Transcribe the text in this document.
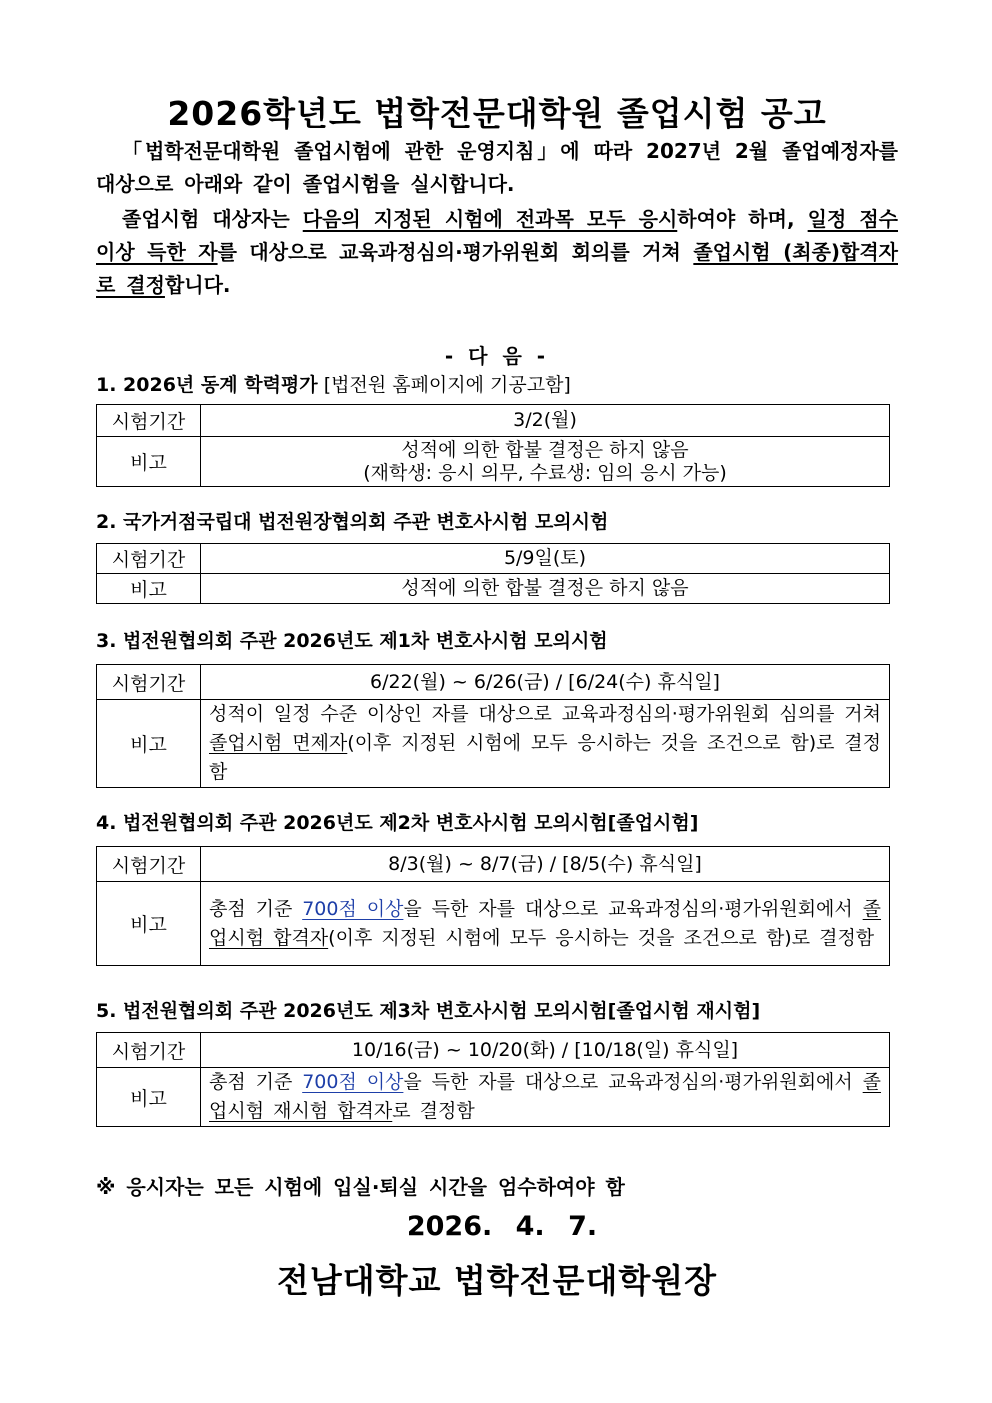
2026학년도 법학전문대학원 졸업시험 공고

「법학전문대학원 졸업시험에 관한 운영지침」에 따라 2027년 2월 졸업예정자를 대상으로 아래와 같이 졸업시험을 실시합니다.

졸업시험 대상자는 다음의 지정된 시험에 전과목 모두 응시하여야 하며, 일정 점수 이상 득한 자를 대상으로 교육과정심의·평가위원회 회의를 거쳐 졸업시험 (최종)합격자로 결정합니다.

- 다 음 -
1. 2026년 동계 학력평가 [법전원 홈페이지에 기공고함]
시험기간	3/2(월)
비고	성적에 의한 합불 결정은 하지 않음
(재학생: 응시 의무, 수료생: 임의 응시 가능)
2. 국가거점국립대 법전원장협의회 주관 변호사시험 모의시험
시험기간	5/9일(토)
비고	성적에 의한 합불 결정은 하지 않음
3. 법전원협의회 주관 2026년도 제1차 변호사시험 모의시험
시험기간	6/22(월) ~ 6/26(금) / [6/24(수) 휴식일]
비고	성적이 일정 수준 이상인 자를 대상으로 교육과정심의·평가위원회 심의를 거쳐 졸업시험 면제자(이후 지정된 시험에 모두 응시하는 것을 조건으로 함)로 결정함
4. 법전원협의회 주관 2026년도 제2차 변호사시험 모의시험[졸업시험]
시험기간	8/3(월) ~ 8/7(금) / [8/5(수) 휴식일]
비고	총점 기준 700점 이상을 득한 자를 대상으로 교육과정심의·평가위원회에서 졸업시험 합격자(이후 지정된 시험에 모두 응시하는 것을 조건으로 함)로 결정함
5. 법전원협의회 주관 2026년도 제3차 변호사시험 모의시험[졸업시험 재시험]
시험기간	10/16(금) ~ 10/20(화) / [10/18(일) 휴식일]
비고	총점 기준 700점 이상을 득한 자를 대상으로 교육과정심의·평가위원회에서 졸업시험 재시험 합격자로 결정함
※ 응시자는 모든 시험에 입실·퇴실 시간을 엄수하여야 함
2026. 4. 7.
전남대학교 법학전문대학원장
